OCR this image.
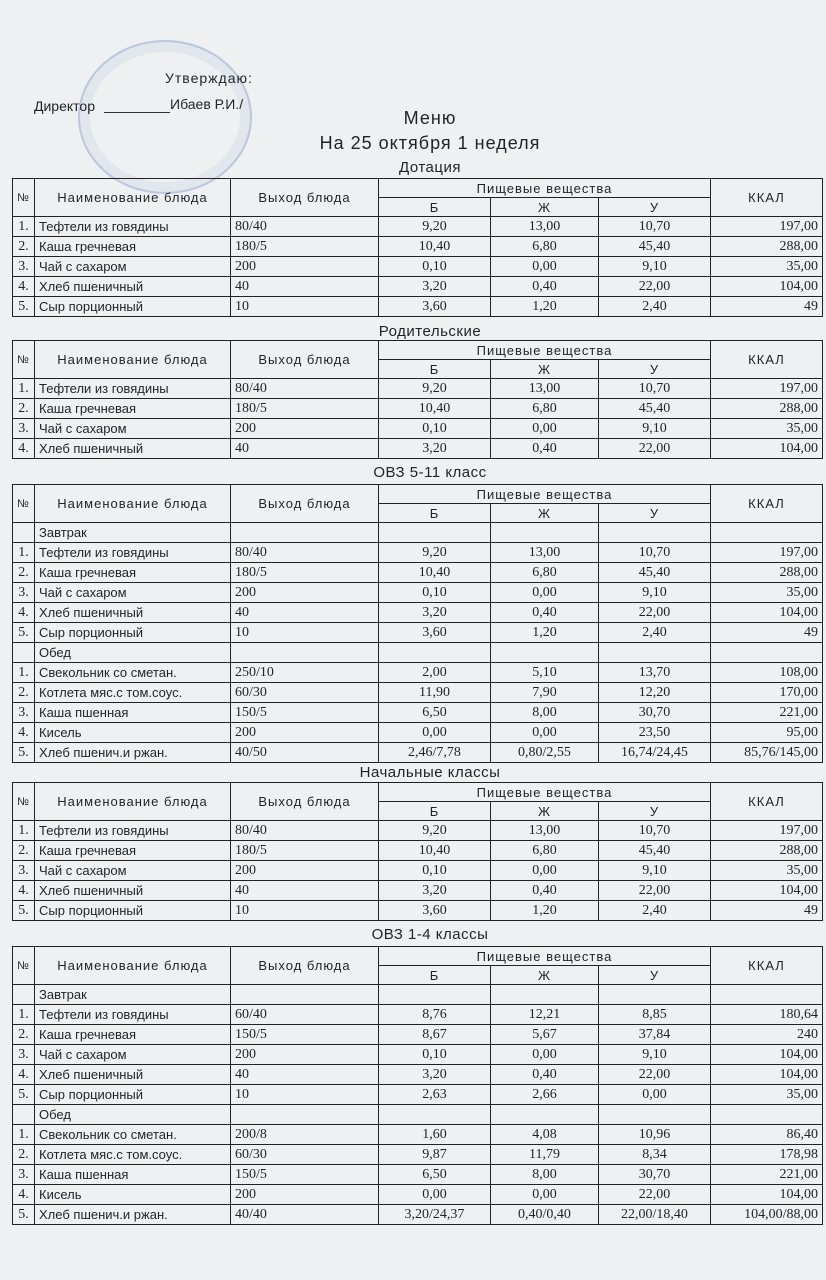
Утверждаю:
Директор	Ибаев Р.И./
Меню
На 25 октября 1 неделя
Дотация
№	Наименование блюда	Выход блюда	Пищевые вещества			ККАЛ
			Б	Ж	У	
1.	Тефтели из говядины	80/40	9,20	13,00	10,70	197,00
2.	Каша гречневая	180/5	10,40	6,80	45,40	288,00
3.	Чай с сахаром	200	0,10	0,00	9,10	35,00
4.	Хлеб пшеничный	40	3,20	0,40	22,00	104,00
5.	Сыр порционный	10	3,60	1,20	2,40	49
Родительские
№	Наименование блюда	Выход блюда	Пищевые вещества			ККАЛ
			Б	Ж	У	
1.	Тефтели из говядины	80/40	9,20	13,00	10,70	197,00
2.	Каша гречневая	180/5	10,40	6,80	45,40	288,00
3.	Чай с сахаром	200	0,10	0,00	9,10	35,00
4.	Хлеб пшеничный	40	3,20	0,40	22,00	104,00
ОВЗ 5-11 класс
№	Наименование блюда	Выход блюда	Пищевые вещества			ККАЛ
			Б	Ж	У	
	Завтрак					
1.	Тефтели из говядины	80/40	9,20	13,00	10,70	197,00
2.	Каша гречневая	180/5	10,40	6,80	45,40	288,00
3.	Чай с сахаром	200	0,10	0,00	9,10	35,00
4.	Хлеб пшеничный	40	3,20	0,40	22,00	104,00
5.	Сыр порционный	10	3,60	1,20	2,40	49
	Обед					
1.	Свекольник со сметан.	250/10	2,00	5,10	13,70	108,00
2.	Котлета мяс.с том.соус.	60/30	11,90	7,90	12,20	170,00
3.	Каша пшенная	150/5	6,50	8,00	30,70	221,00
4.	Кисель	200	0,00	0,00	23,50	95,00
5.	Хлеб пшенич.и ржан.	40/50	2,46/7,78	0,80/2,55	16,74/24,45	85,76/145,00
Начальные классы
№	Наименование блюда	Выход блюда	Пищевые вещества			ККАЛ
			Б	Ж	У	
1.	Тефтели из говядины	80/40	9,20	13,00	10,70	197,00
2.	Каша гречневая	180/5	10,40	6,80	45,40	288,00
3.	Чай с сахаром	200	0,10	0,00	9,10	35,00
4.	Хлеб пшеничный	40	3,20	0,40	22,00	104,00
5.	Сыр порционный	10	3,60	1,20	2,40	49
ОВЗ 1-4 классы
№	Наименование блюда	Выход блюда	Пищевые вещества			ККАЛ
			Б	Ж	У	
	Завтрак					
1.	Тефтели из говядины	60/40	8,76	12,21	8,85	180,64
2.	Каша гречневая	150/5	8,67	5,67	37,84	240
3.	Чай с сахаром	200	0,10	0,00	9,10	104,00
4.	Хлеб пшеничный	40	3,20	0,40	22,00	104,00
5.	Сыр порционный	10	2,63	2,66	0,00	35,00
	Обед					
1.	Свекольник со сметан.	200/8	1,60	4,08	10,96	86,40
2.	Котлета мяс.с том.соус.	60/30	9,87	11,79	8,34	178,98
3.	Каша пшенная	150/5	6,50	8,00	30,70	221,00
4.	Кисель	200	0,00	0,00	22,00	104,00
5.	Хлеб пшенич.и ржан.	40/40	3,20/24,37	0,40/0,40	22,00/18,40	104,00/88,00
